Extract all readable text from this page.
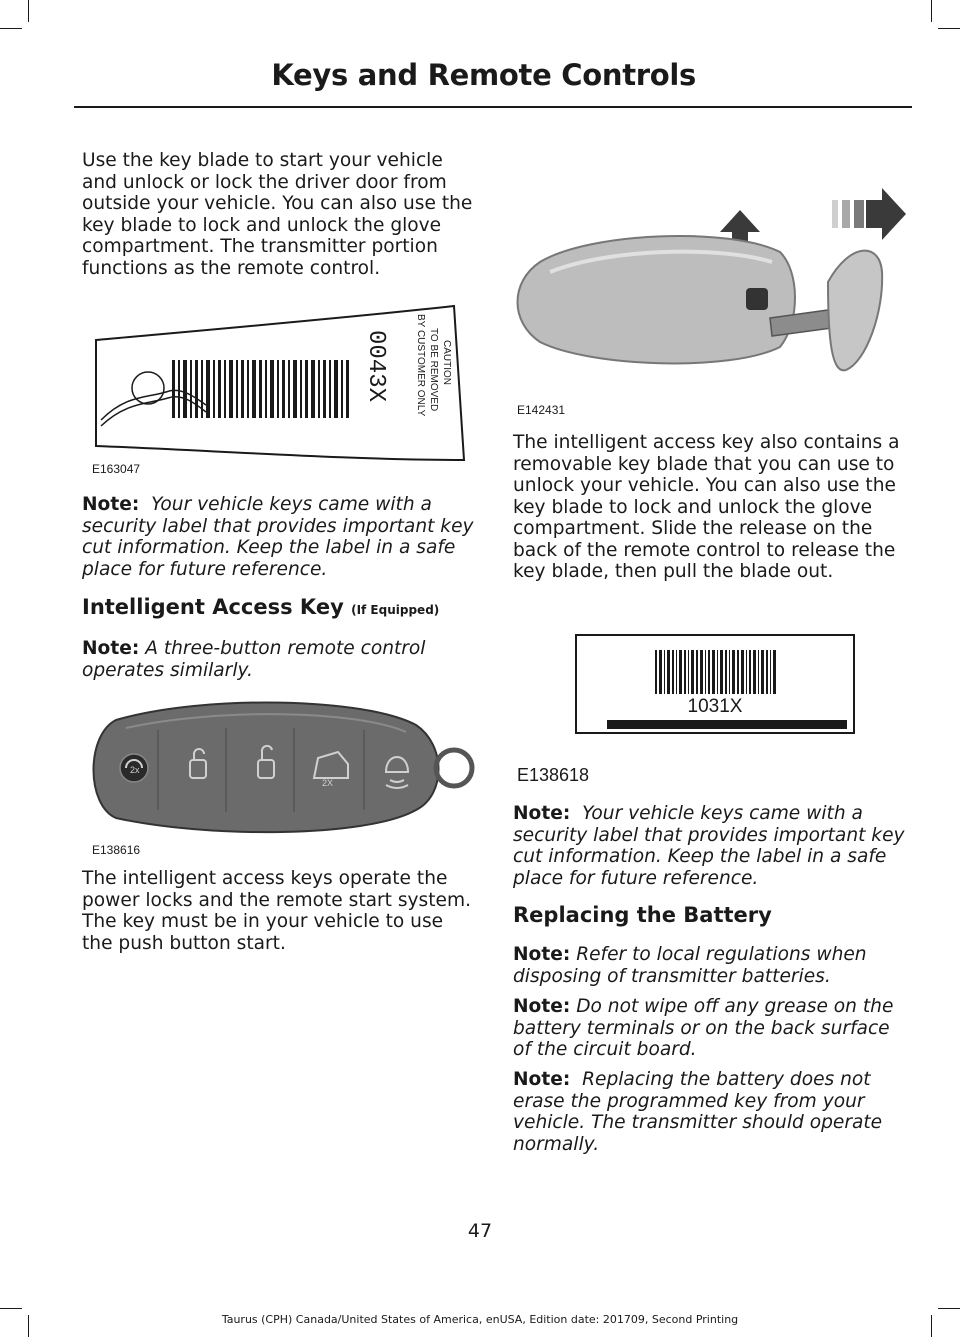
Keys and Remote Controls

Use the key blade to start your vehicle and unlock or lock the driver door from outside your vehicle. You can also use the key blade to lock and unlock the glove compartment. The transmitter portion functions as the remote control.

0043X	CAUTION
TO BE REMOVED
BY CUSTOMER ONLY
E163047

Note: Your vehicle keys came with a security label that provides important key cut information. Keep the label in a safe place for future reference.

Intelligent Access Key (If Equipped)

Note: A three-button remote control operates similarly.

2x
2X
E138616

The intelligent access keys operate the power locks and the remote start system. The key must be in your vehicle to use the push button start.

E142431

The intelligent access key also contains a removable key blade that you can use to unlock your vehicle. You can also use the key blade to lock and unlock the glove compartment. Slide the release on the back of the remote control to release the key blade, then pull the blade out.

1031X
E138618

Note: Your vehicle keys came with a security label that provides important key cut information. Keep the label in a safe place for future reference.

Replacing the Battery

Note: Refer to local regulations when disposing of transmitter batteries.

Note: Do not wipe off any grease on the battery terminals or on the back surface of the circuit board.

Note: Replacing the battery does not erase the programmed key from your vehicle. The transmitter should operate normally.

47
Taurus (CPH) Canada/United States of America, enUSA, Edition date: 201709, Second Printing
